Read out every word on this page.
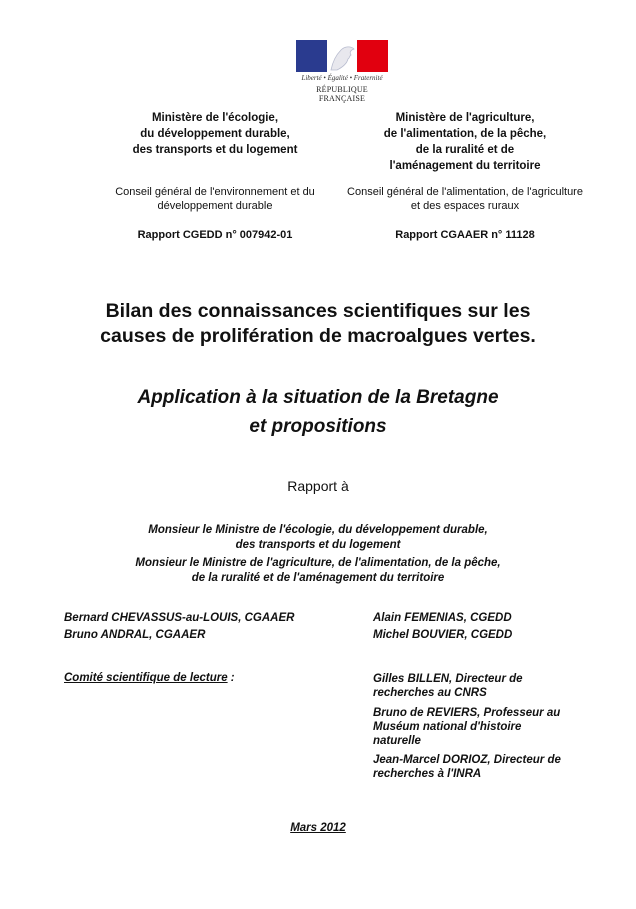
Liberté • Égalité • Fraternité
RÉPUBLIQUE FRANÇAISE
Ministère de l'écologie,
du développement durable,
des transports et du logement
Conseil général de l'environnement et du
développement durable
Rapport CGEDD n° 007942-01
Ministère de l'agriculture,
de l'alimentation, de la pêche,
de la ruralité et de
l'aménagement du territoire
Conseil général de l'alimentation, de l'agriculture
et des espaces ruraux
Rapport CGAAER n° 11128
Bilan des connaissances scientifiques sur les
causes de prolifération de macroalgues vertes.
Application à la situation de la Bretagne
et propositions
Rapport à
Monsieur le Ministre de l'écologie, du développement durable,
des transports et du logement
Monsieur le Ministre de l'agriculture, de l'alimentation, de la pêche,
de la ruralité et de l'aménagement du territoire
Bernard CHEVASSUS-au-LOUIS, CGAAER
Bruno ANDRAL, CGAAER
Alain FEMENIAS, CGEDD
Michel BOUVIER, CGEDD
Comité scientifique de lecture :	Gilles BILLEN, Directeur de
recherches au CNRS
Bruno de REVIERS, Professeur au
Muséum national d'histoire
naturelle
Jean-Marcel DORIOZ, Directeur de
recherches à l'INRA
Mars 2012
